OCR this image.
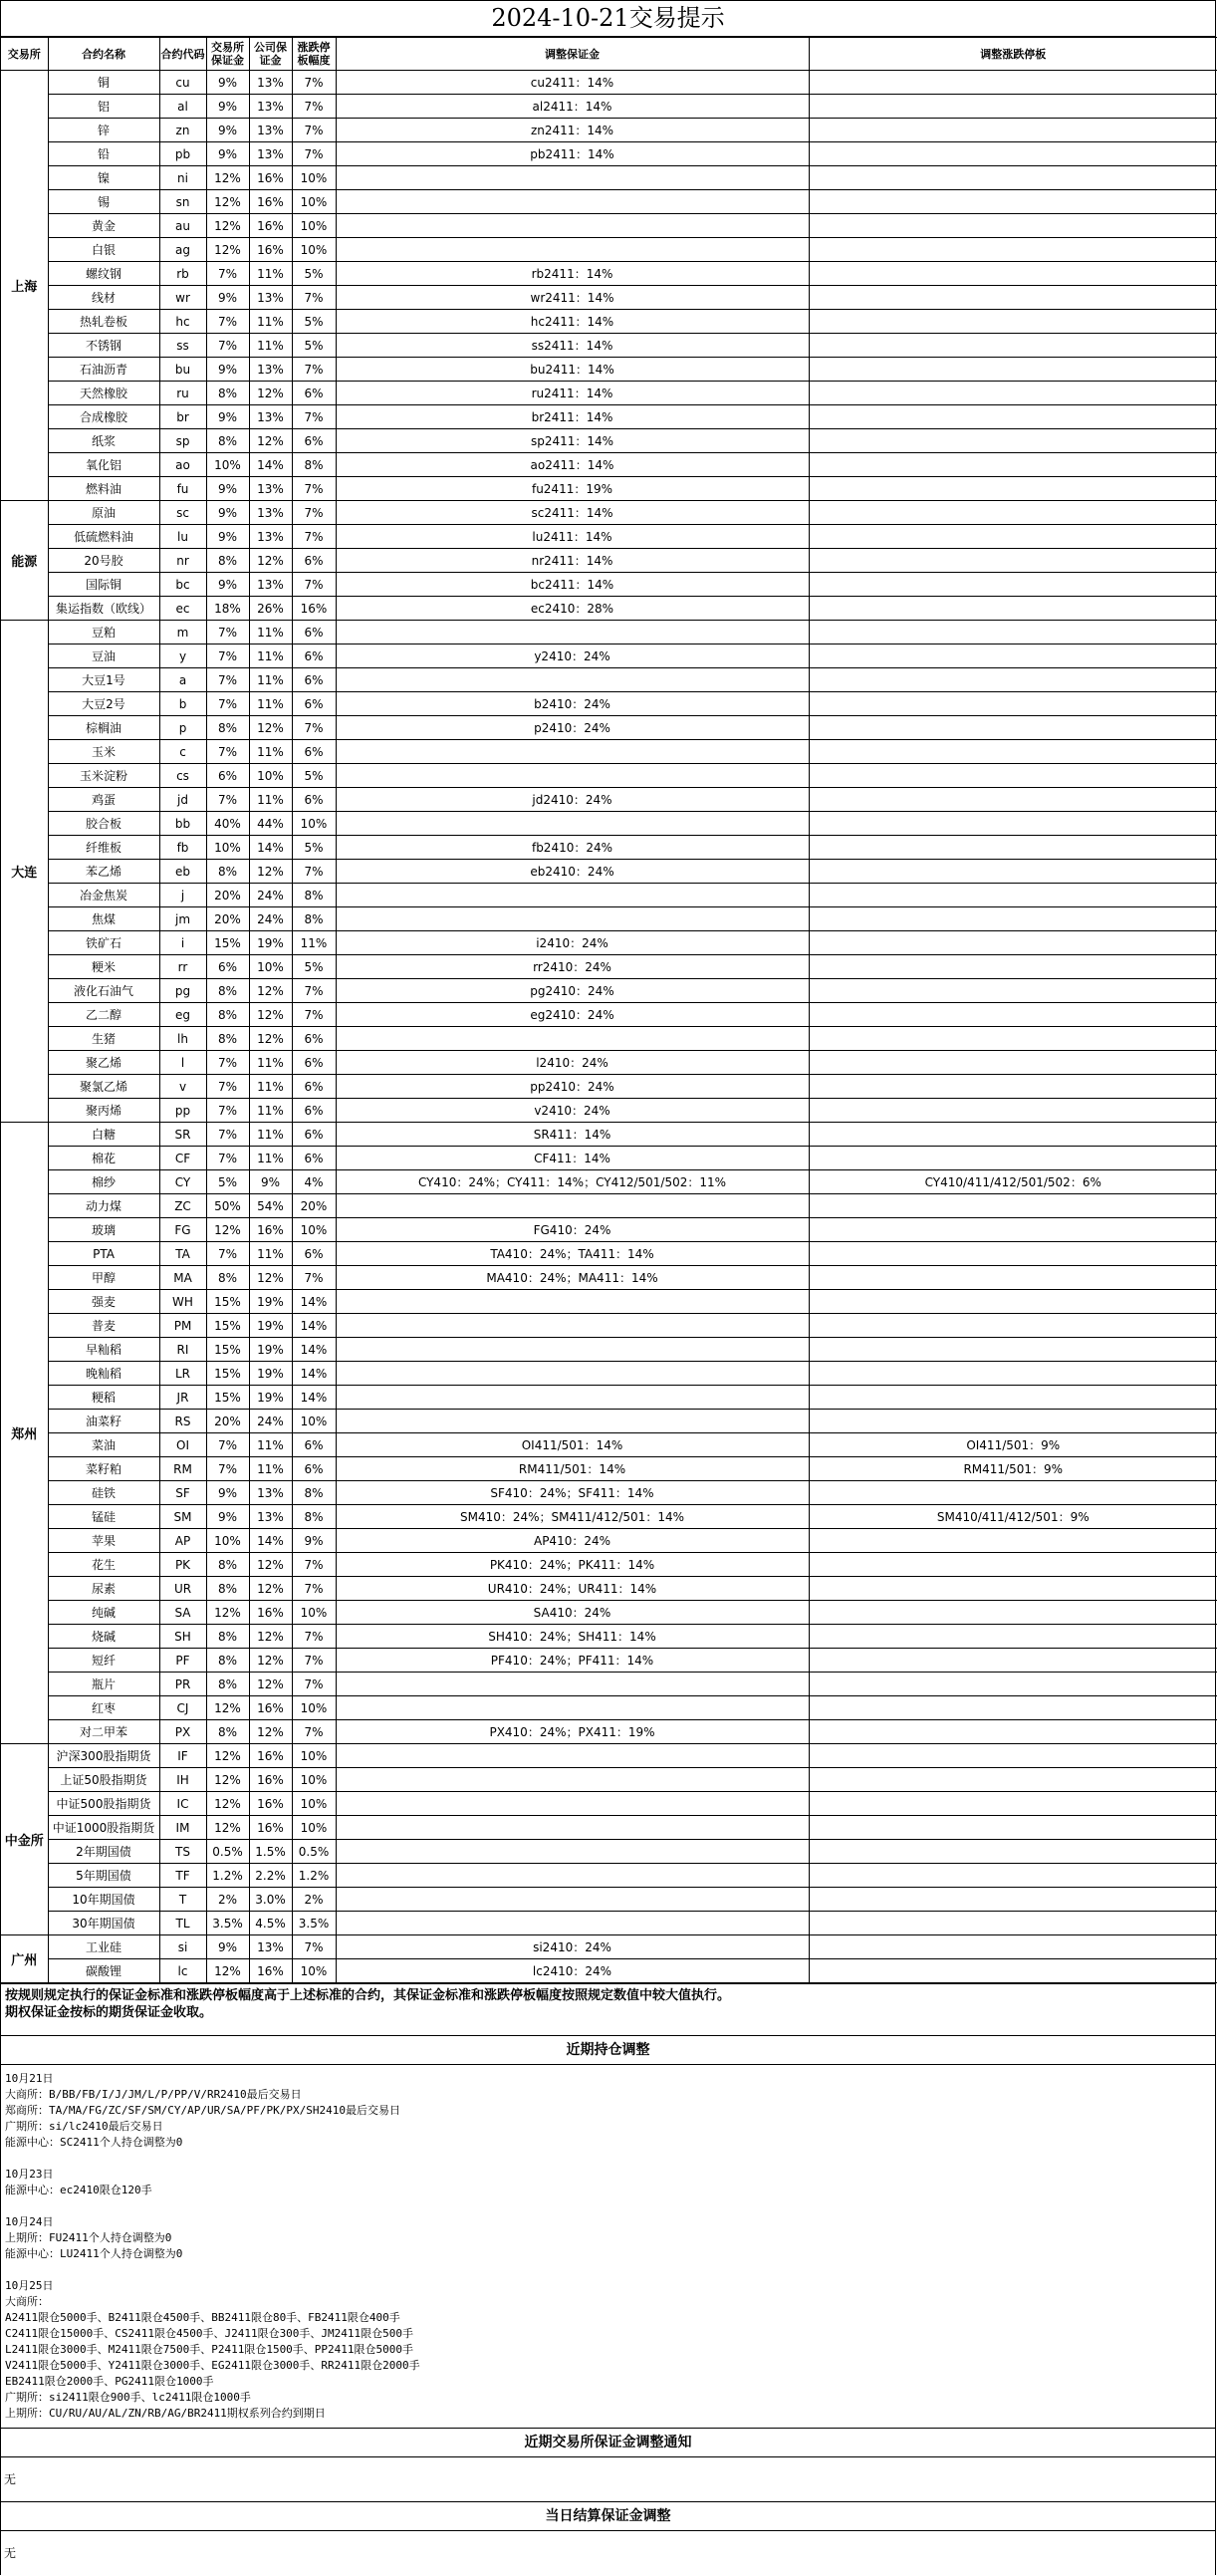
2024-10-21交易提示
交易所	合约名称	合约代码	交易所保证金	公司保证金	涨跌停板幅度	调整保证金	调整涨跌停板
上海	铜	cu	9%	13%	7%	cu2411：14%	
	铝	al	9%	13%	7%	al2411：14%	
	锌	zn	9%	13%	7%	zn2411：14%	
	铅	pb	9%	13%	7%	pb2411：14%	
	镍	ni	12%	16%	10%		
	锡	sn	12%	16%	10%		
	黄金	au	12%	16%	10%		
	白银	ag	12%	16%	10%		
	螺纹钢	rb	7%	11%	5%	rb2411：14%	
	线材	wr	9%	13%	7%	wr2411：14%	
	热轧卷板	hc	7%	11%	5%	hc2411：14%	
	不锈钢	ss	7%	11%	5%	ss2411：14%	
	石油沥青	bu	9%	13%	7%	bu2411：14%	
	天然橡胶	ru	8%	12%	6%	ru2411：14%	
	合成橡胶	br	9%	13%	7%	br2411：14%	
	纸浆	sp	8%	12%	6%	sp2411：14%	
	氧化铝	ao	10%	14%	8%	ao2411：14%	
	燃料油	fu	9%	13%	7%	fu2411：19%	
能源	原油	sc	9%	13%	7%	sc2411：14%	
	低硫燃料油	lu	9%	13%	7%	lu2411：14%	
	20号胶	nr	8%	12%	6%	nr2411：14%	
	国际铜	bc	9%	13%	7%	bc2411：14%	
	集运指数（欧线）	ec	18%	26%	16%	ec2410：28%	
大连	豆粕	m	7%	11%	6%		
	豆油	y	7%	11%	6%	y2410：24%	
	大豆1号	a	7%	11%	6%		
	大豆2号	b	7%	11%	6%	b2410：24%	
	棕榈油	p	8%	12%	7%	p2410：24%	
	玉米	c	7%	11%	6%		
	玉米淀粉	cs	6%	10%	5%		
	鸡蛋	jd	7%	11%	6%	jd2410：24%	
	胶合板	bb	40%	44%	10%		
	纤维板	fb	10%	14%	5%	fb2410：24%	
	苯乙烯	eb	8%	12%	7%	eb2410：24%	
	冶金焦炭	j	20%	24%	8%		
	焦煤	jm	20%	24%	8%		
	铁矿石	i	15%	19%	11%	i2410：24%	
	粳米	rr	6%	10%	5%	rr2410：24%	
	液化石油气	pg	8%	12%	7%	pg2410：24%	
	乙二醇	eg	8%	12%	7%	eg2410：24%	
	生猪	lh	8%	12%	6%		
	聚乙烯	l	7%	11%	6%	l2410：24%	
	聚氯乙烯	v	7%	11%	6%	pp2410：24%	
	聚丙烯	pp	7%	11%	6%	v2410：24%	
郑州	白糖	SR	7%	11%	6%	SR411：14%	
	棉花	CF	7%	11%	6%	CF411：14%	
	棉纱	CY	5%	9%	4%	CY410：24%；CY411：14%；CY412/501/502：11%	CY410/411/412/501/502：6%
	动力煤	ZC	50%	54%	20%		
	玻璃	FG	12%	16%	10%	FG410：24%	
	PTA	TA	7%	11%	6%	TA410：24%；TA411：14%	
	甲醇	MA	8%	12%	7%	MA410：24%；MA411：14%	
	强麦	WH	15%	19%	14%		
	普麦	PM	15%	19%	14%		
	早籼稻	RI	15%	19%	14%		
	晚籼稻	LR	15%	19%	14%		
	粳稻	JR	15%	19%	14%		
	油菜籽	RS	20%	24%	10%		
	菜油	OI	7%	11%	6%	OI411/501：14%	OI411/501：9%
	菜籽粕	RM	7%	11%	6%	RM411/501：14%	RM411/501：9%
	硅铁	SF	9%	13%	8%	SF410：24%；SF411：14%	
	锰硅	SM	9%	13%	8%	SM410：24%；SM411/412/501：14%	SM410/411/412/501：9%
	苹果	AP	10%	14%	9%	AP410：24%	
	花生	PK	8%	12%	7%	PK410：24%；PK411：14%	
	尿素	UR	8%	12%	7%	UR410：24%；UR411：14%	
	纯碱	SA	12%	16%	10%	SA410：24%	
	烧碱	SH	8%	12%	7%	SH410：24%；SH411：14%	
	短纤	PF	8%	12%	7%	PF410：24%；PF411：14%	
	瓶片	PR	8%	12%	7%		
	红枣	CJ	12%	16%	10%		
	对二甲苯	PX	8%	12%	7%	PX410：24%；PX411：19%	
中金所	沪深300股指期货	IF	12%	16%	10%		
	上证50股指期货	IH	12%	16%	10%		
	中证500股指期货	IC	12%	16%	10%		
	中证1000股指期货	IM	12%	16%	10%		
	2年期国债	TS	0.5%	1.5%	0.5%		
	5年期国债	TF	1.2%	2.2%	1.2%		
	10年期国债	T	2%	3.0%	2%		
	30年期国债	TL	3.5%	4.5%	3.5%		
广州	工业硅	si	9%	13%	7%	si2410：24%	
	碳酸锂	lc	12%	16%	10%	lc2410：24%	
按规则规定执行的保证金标准和涨跌停板幅度高于上述标准的合约，其保证金标准和涨跌停板幅度按照规定数值中较大值执行。
期权保证金按标的期货保证金收取。
近期持仓调整
10月21日
大商所：B/BB/FB/I/J/JM/L/P/PP/V/RR2410最后交易日
郑商所：TA/MA/FG/ZC/SF/SM/CY/AP/UR/SA/PF/PK/PX/SH2410最后交易日
广期所：si/lc2410最后交易日
能源中心：SC2411个人持仓调整为0

10月23日
能源中心：ec2410限仓120手

10月24日
上期所：FU2411个人持仓调整为0
能源中心：LU2411个人持仓调整为0

10月25日
大商所：
A2411限仓5000手、B2411限仓4500手、BB2411限仓80手、FB2411限仓400手
C2411限仓15000手、CS2411限仓4500手、J2411限仓300手、JM2411限仓500手
L2411限仓3000手、M2411限仓7500手、P2411限仓1500手、PP2411限仓5000手
V2411限仓5000手、Y2411限仓3000手、EG2411限仓3000手、RR2411限仓2000手
EB2411限仓2000手、PG2411限仓1000手
广期所：si2411限仓900手、lc2411限仓1000手
上期所：CU/RU/AU/AL/ZN/RB/AG/BR2411期权系列合约到期日
近期交易所保证金调整通知
无
当日结算保证金调整
无
